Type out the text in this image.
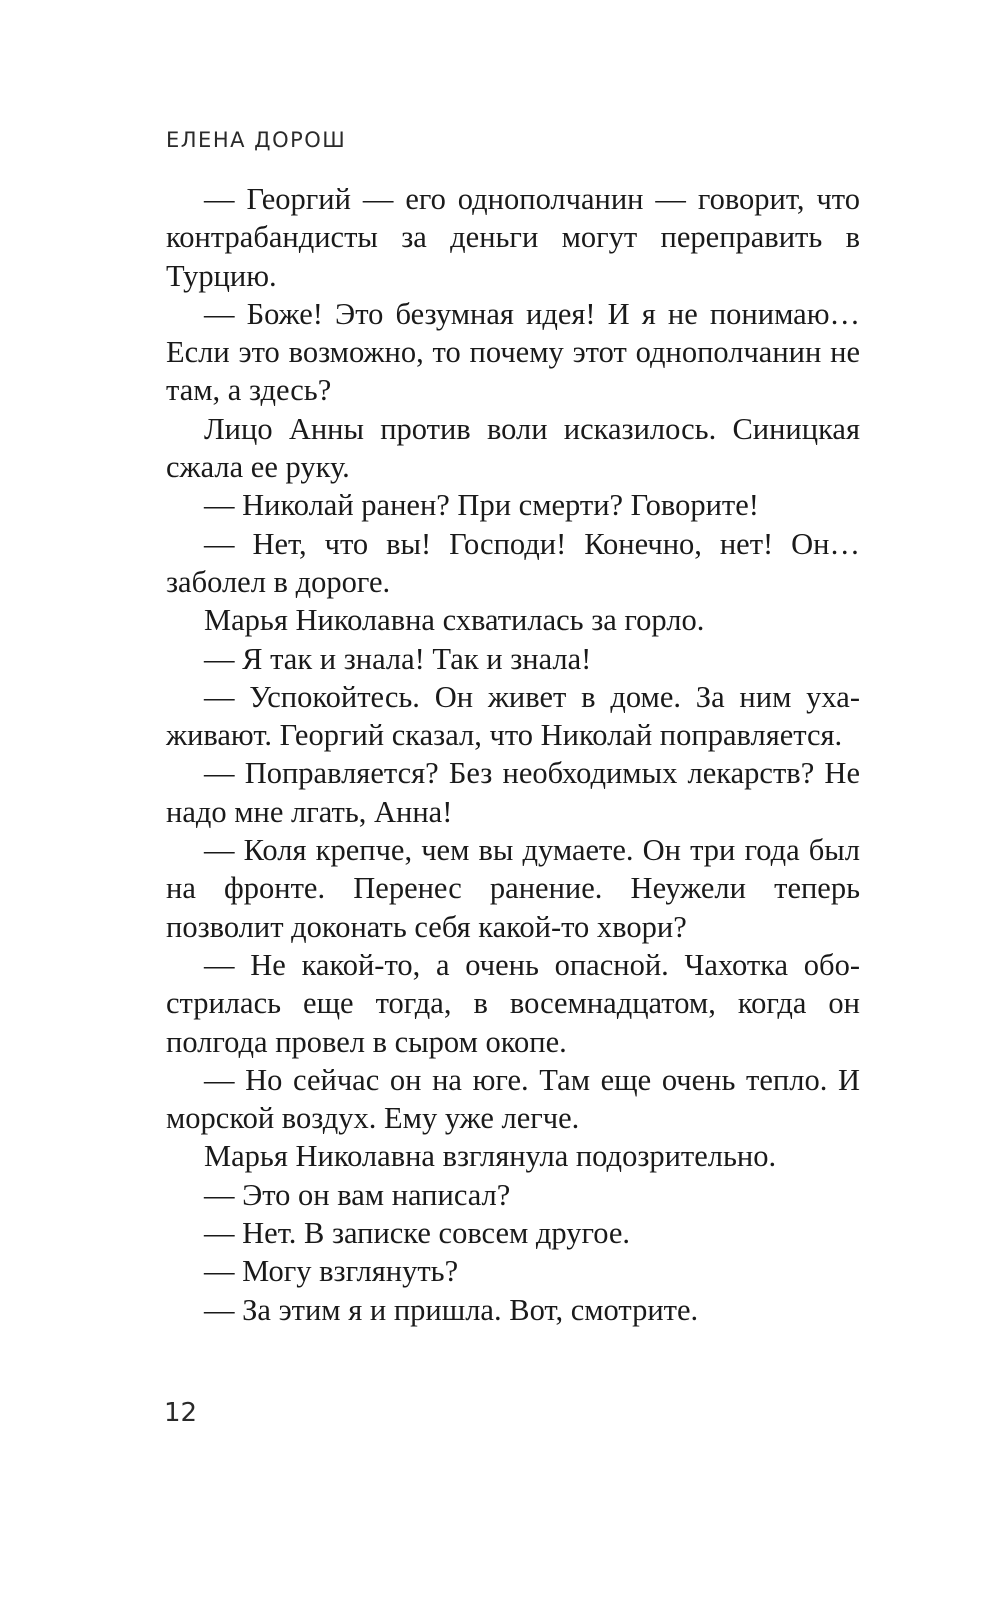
ЕЛЕНА ДОРОШ

— Георгий — его однополчанин — говорит, что контрабандисты за деньги могут переправить в Турцию.

— Боже! Это безумная идея! И я не понимаю… Если это возможно, то почему этот однополчанин не там, а здесь?

Лицо Анны против воли исказилось. Синицкая сжала ее руку.

— Николай ранен? При смерти? Говорите!

— Нет, что вы! Господи! Конечно, нет! Он… заболел в дороге.

Марья Николавна схватилась за горло.

— Я так и знала! Так и знала!

— Успокойтесь. Он живет в доме. За ним ухаживают. Георгий сказал, что Николай поправляется.

— Поправляется? Без необходимых лекарств? Не надо мне лгать, Анна!

— Коля крепче, чем вы думаете. Он три года был на фронте. Перенес ранение. Неужели теперь позволит доконать себя какой-то хвори?

— Не какой-то, а очень опасной. Чахотка обострилась еще тогда, в восемнадцатом, когда он полгода провел в сыром окопе.

— Но сейчас он на юге. Там еще очень тепло. И морской воздух. Ему уже легче.

Марья Николавна взглянула подозрительно.

— Это он вам написал?

— Нет. В записке совсем другое.

— Могу взглянуть?

— За этим я и пришла. Вот, смотрите.

12
